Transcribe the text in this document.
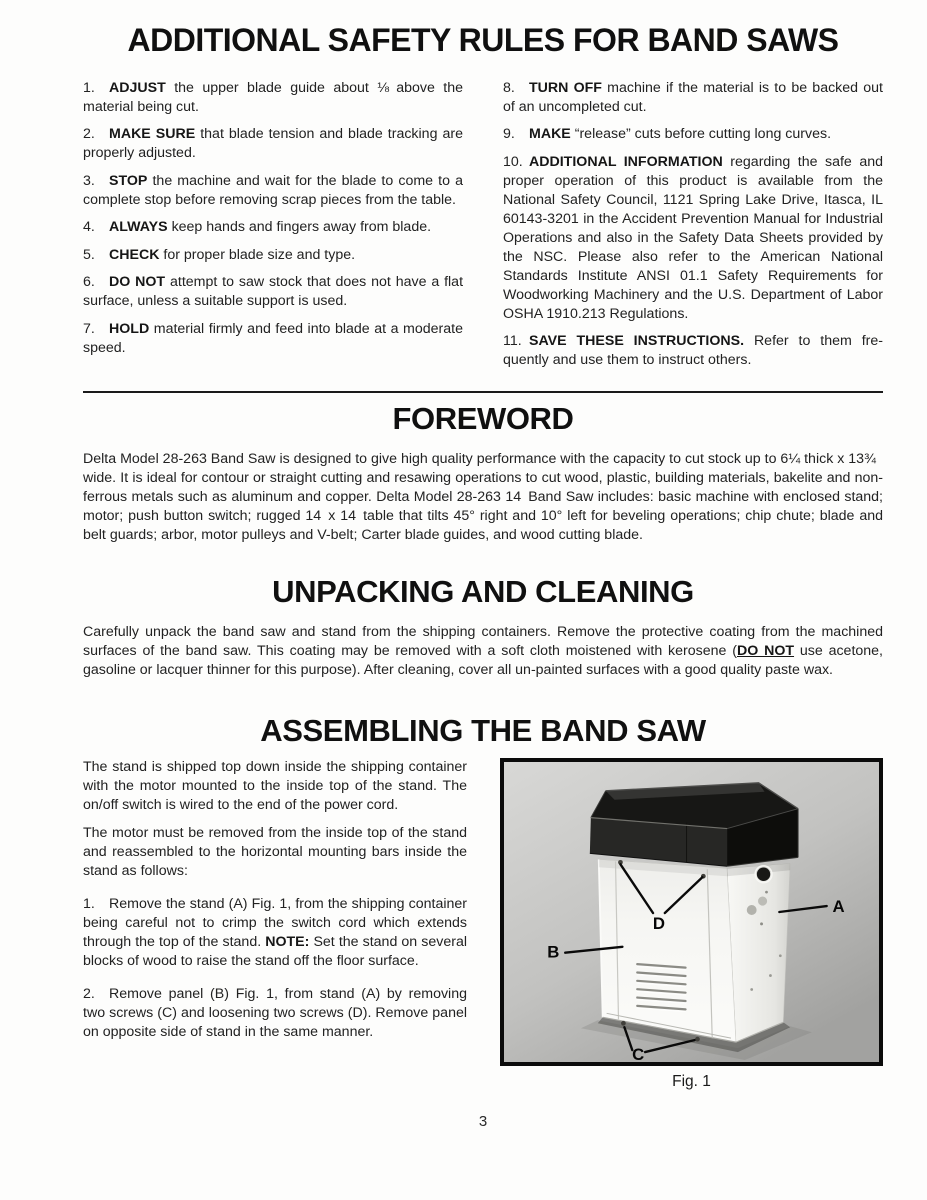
ADDITIONAL SAFETY RULES FOR BAND SAWS

1. ADJUST the upper blade guide about ⅛ above the material being cut.

2. MAKE SURE that blade tension and blade tracking are properly adjusted.

3. STOP the machine and wait for the blade to come to a complete stop before removing scrap pieces from the table.

4. ALWAYS keep hands and fingers away from blade.

5. CHECK for proper blade size and type.

6. DO NOT attempt to saw stock that does not have a flat surface, unless a suitable support is used.

7. HOLD material firmly and feed into blade at a moderate speed.

8. TURN OFF machine if the material is to be backed out of an uncompleted cut.

9. MAKE “release” cuts before cutting long curves.

10. ADDITIONAL INFORMATION regarding the safe and proper operation of this product is available from the National Safety Council, 1121 Spring Lake Drive, Itasca, IL 60143-3201 in the Accident Prevention Manual for Industrial Operations and also in the Safety Data Sheets provided by the NSC. Please also refer to the American National Standards Institute ANSI 01.1 Safety Requirements for Woodworking Machinery and the U.S. Department of Labor OSHA 1910.213 Regulations.

11. SAVE THESE INSTRUCTIONS. Refer to them frequently and use them to instruct others.

FOREWORD

Delta Model 28-263 Band Saw is designed to give high quality performance with the capacity to cut stock up to 6¼ thick x 13¾ wide. It is ideal for contour or straight cutting and resawing operations to cut wood, plastic, building materials, bakelite and non-ferrous metals such as aluminum and copper. Delta Model 28-263 14 Band Saw includes: basic machine with enclosed stand; motor; push button switch; rugged 14 x 14 table that tilts 45° right and 10° left for beveling operations; chip chute; blade and belt guards; arbor, motor pulleys and V-belt; Carter blade guides, and wood cutting blade.

UNPACKING AND CLEANING

Carefully unpack the band saw and stand from the shipping containers. Remove the protective coating from the machined surfaces of the band saw. This coating may be removed with a soft cloth moistened with kerosene (DO NOT use acetone, gasoline or lacquer thinner for this purpose). After cleaning, cover all un-painted surfaces with a good quality paste wax.

ASSEMBLING THE BAND SAW

The stand is shipped top down inside the shipping container with the motor mounted to the inside top of the stand. The on/off switch is wired to the end of the power cord.

The motor must be removed from the inside top of the stand and reassembled to the horizontal mounting bars inside the stand as follows:

1. Remove the stand (A) Fig. 1, from the shipping container being careful not to crimp the switch cord which extends through the top of the stand. NOTE: Set the stand on several blocks of wood to raise the stand off the floor surface.

2. Remove panel (B) Fig. 1, from stand (A) by removing two screws (C) and loosening two screws (D). Remove panel on opposite side of stand in the same manner.

D
B
A
C
Fig. 1
3
